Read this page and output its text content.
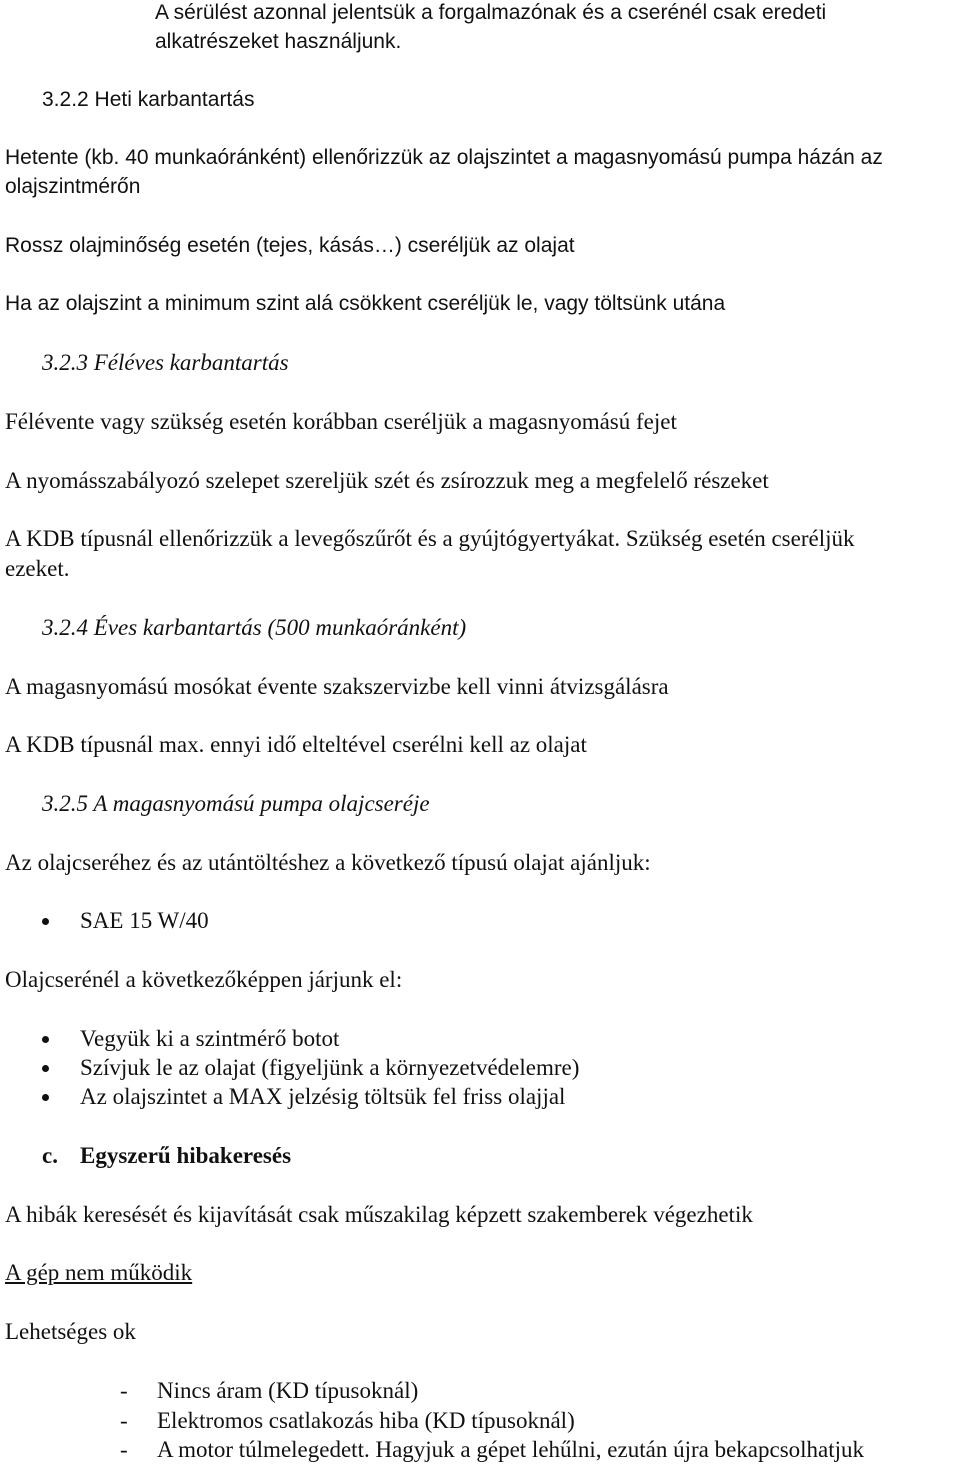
A sérülést azonnal jelentsük a forgalmazónak és a cserénél csak eredeti

alkatrészeket használjunk.

3.2.2 Heti karbantartás

Hetente (kb. 40 munkaóránként) ellenőrizzük az olajszintet a magasnyomású pumpa házán az

olajszintmérőn

Rossz olajminőség esetén (tejes, kásás…) cseréljük az olajat

Ha az olajszint a minimum szint alá csökkent cseréljük le, vagy töltsünk utána

3.2.3 Féléves karbantartás

Félévente vagy szükség esetén korábban cseréljük a magasnyomású fejet

A nyomásszabályozó szelepet szereljük szét és zsírozzuk meg a megfelelő részeket

A KDB típusnál ellenőrizzük a levegőszűrőt és a gyújtógyertyákat. Szükség esetén cseréljük

ezeket.

3.2.4 Éves karbantartás (500 munkaóránként)

A magasnyomású mosókat évente szakszervizbe kell vinni átvizsgálásra

A KDB típusnál max. ennyi idő elteltével cserélni kell az olajat

3.2.5 A magasnyomású pumpa olajcseréje

Az olajcseréhez és az utántöltéshez a következő típusú olajat ajánljuk:

SAE 15 W/40

Olajcserénél a következőképpen járjunk el:

Vegyük ki a szintmérő botot

Szívjuk le az olajat (figyeljünk a környezetvédelemre)

Az olajszintet a MAX jelzésig töltsük fel friss olajjal

c. Egyszerű hibakeresés

A hibák keresését és kijavítását csak műszakilag képzett szakemberek végezhetik

A gép nem működik

Lehetséges ok

- Nincs áram (KD típusoknál)

- Elektromos csatlakozás hiba (KD típusoknál)

- A motor túlmelegedett. Hagyjuk a gépet lehűlni, ezután újra bekapcsolhatjuk
